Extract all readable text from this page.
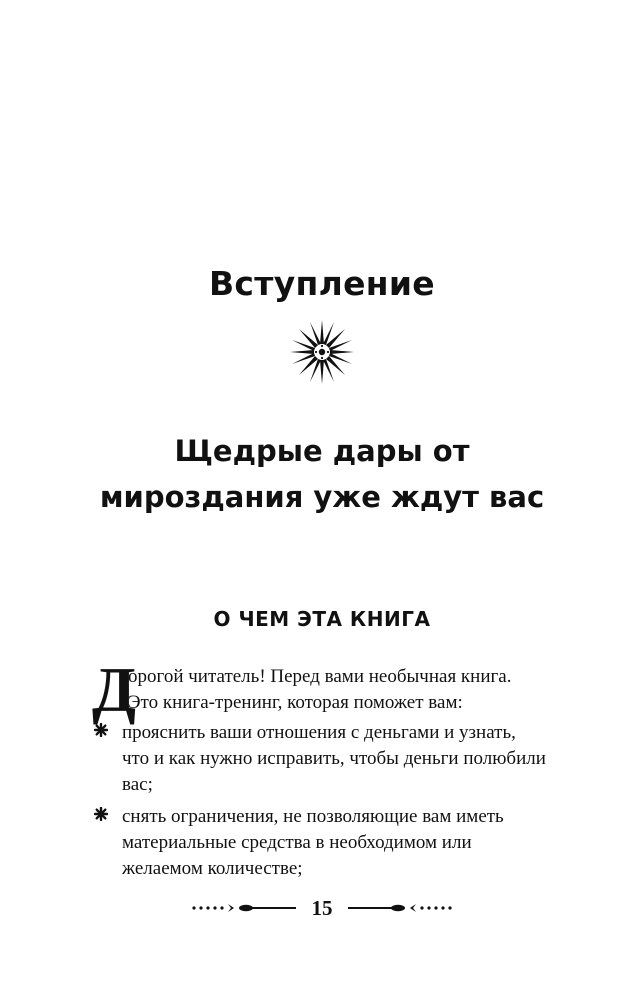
Вступление
Щедрые дары от
мироздания уже ждут вас
О ЧЕМ ЭТА КНИГА

Д
орогой читатель! Перед вами необычная книга.
Это книга-тренинг, которая поможет вам:

прояснить ваши отношения с деньгами и узнать, что и как нужно исправить, чтобы деньги полюбили вас;
снять ограничения, не позволяющие вам иметь материальные средства в необходимом или желаемом количестве;
15
